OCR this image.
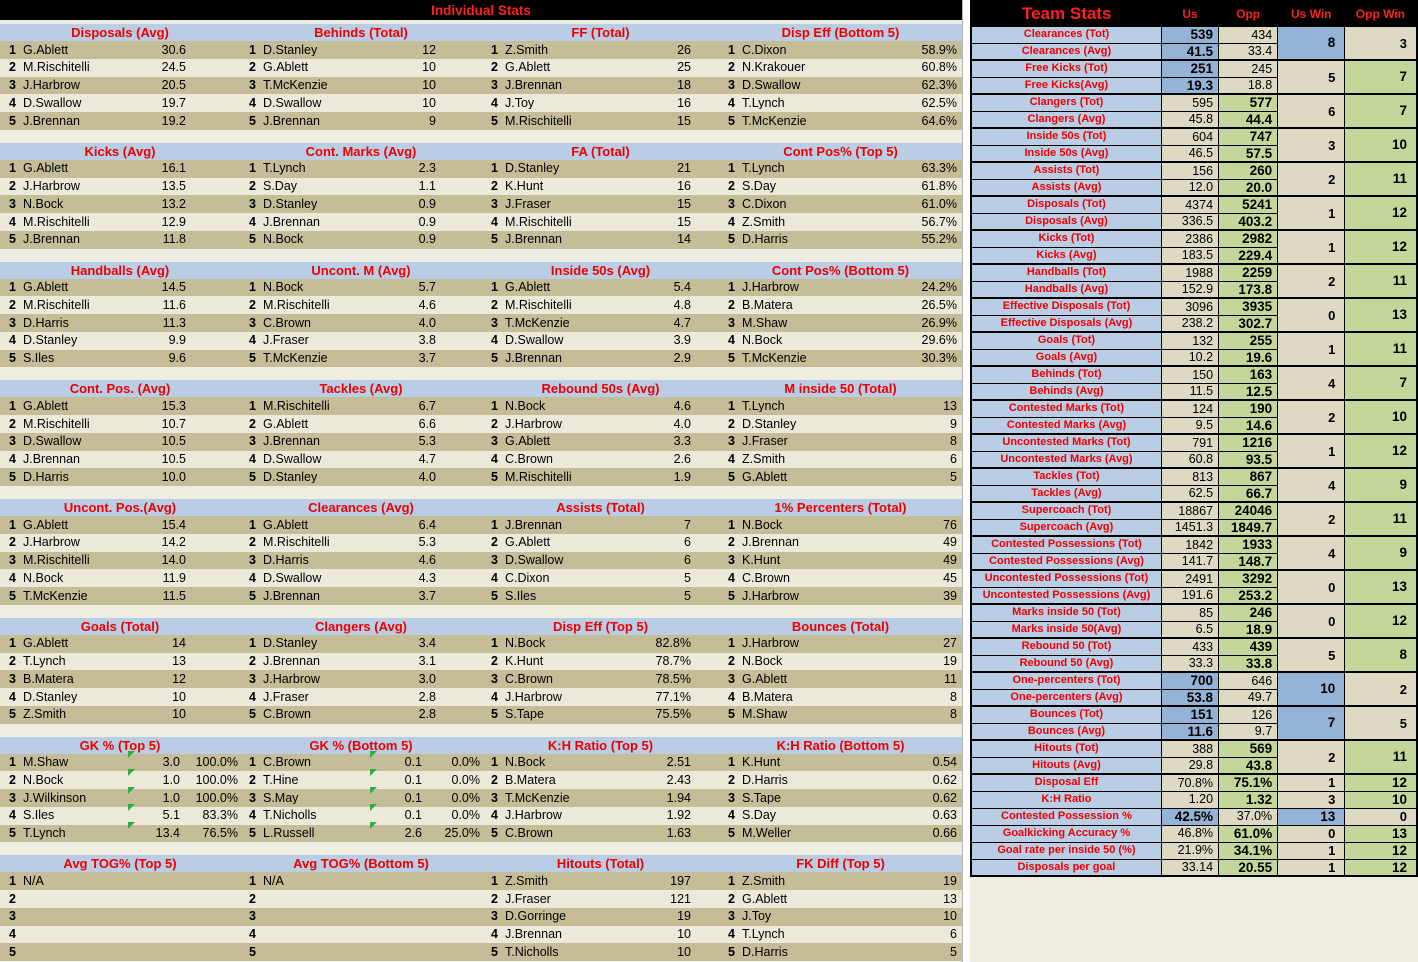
Individual Stats
Disposals (Avg)	Behinds (Total)	FF (Total)	Disp Eff (Bottom 5)
1 G.Ablett	30.6	1 D.Stanley	12	1 Z.Smith	26	1 C.Dixon	58.9%
2 M.Rischitelli	24.5	2 G.Ablett	10	2 G.Ablett	25	2 N.Krakouer	60.8%
3 J.Harbrow	20.5	3 T.McKenzie	10	3 J.Brennan	18	3 D.Swallow	62.3%
4 D.Swallow	19.7	4 D.Swallow	10	4 J.Toy	16	4 T.Lynch	62.5%
5 J.Brennan	19.2	5 J.Brennan	9	5 M.Rischitelli	15	5 T.McKenzie	64.6%
Kicks (Avg)	Cont. Marks (Avg)	FA (Total)	Cont Pos% (Top 5)
1 G.Ablett	16.1	1 T.Lynch	2.3	1 D.Stanley	21	1 T.Lynch	63.3%
2 J.Harbrow	13.5	2 S.Day	1.1	2 K.Hunt	16	2 S.Day	61.8%
3 N.Bock	13.2	3 D.Stanley	0.9	3 J.Fraser	15	3 C.Dixon	61.0%
4 M.Rischitelli	12.9	4 J.Brennan	0.9	4 M.Rischitelli	15	4 Z.Smith	56.7%
5 J.Brennan	11.8	5 N.Bock	0.9	5 J.Brennan	14	5 D.Harris	55.2%
Handballs (Avg)	Uncont. M (Avg)	Inside 50s (Avg)	Cont Pos% (Bottom 5)
1 G.Ablett	14.5	1 N.Bock	5.7	1 G.Ablett	5.4	1 J.Harbrow	24.2%
2 M.Rischitelli	11.6	2 M.Rischitelli	4.6	2 M.Rischitelli	4.8	2 B.Matera	26.5%
3 D.Harris	11.3	3 C.Brown	4.0	3 T.McKenzie	4.7	3 M.Shaw	26.9%
4 D.Stanley	9.9	4 J.Fraser	3.8	4 D.Swallow	3.9	4 N.Bock	29.6%
5 S.Iles	9.6	5 T.McKenzie	3.7	5 J.Brennan	2.9	5 T.McKenzie	30.3%
Cont. Pos. (Avg)	Tackles (Avg)	Rebound 50s (Avg)	M inside 50 (Total)
1 G.Ablett	15.3	1 M.Rischitelli	6.7	1 N.Bock	4.6	1 T.Lynch	13
2 M.Rischitelli	10.7	2 G.Ablett	6.6	2 J.Harbrow	4.0	2 D.Stanley	9
3 D.Swallow	10.5	3 J.Brennan	5.3	3 G.Ablett	3.3	3 J.Fraser	8
4 J.Brennan	10.5	4 D.Swallow	4.7	4 C.Brown	2.6	4 Z.Smith	6
5 D.Harris	10.0	5 D.Stanley	4.0	5 M.Rischitelli	1.9	5 G.Ablett	5
Uncont. Pos.(Avg)	Clearances (Avg)	Assists (Total)	1% Percenters (Total)
1 G.Ablett	15.4	1 G.Ablett	6.4	1 J.Brennan	7	1 N.Bock	76
2 J.Harbrow	14.2	2 M.Rischitelli	5.3	2 G.Ablett	6	2 J.Brennan	49
3 M.Rischitelli	14.0	3 D.Harris	4.6	3 D.Swallow	6	3 K.Hunt	49
4 N.Bock	11.9	4 D.Swallow	4.3	4 C.Dixon	5	4 C.Brown	45
5 T.McKenzie	11.5	5 J.Brennan	3.7	5 S.Iles	5	5 J.Harbrow	39
Goals (Total)	Clangers (Avg)	Disp Eff (Top 5)	Bounces (Total)
1 G.Ablett	14	1 D.Stanley	3.4	1 N.Bock	82.8%	1 J.Harbrow	27
2 T.Lynch	13	2 J.Brennan	3.1	2 K.Hunt	78.7%	2 N.Bock	19
3 B.Matera	12	3 J.Harbrow	3.0	3 C.Brown	78.5%	3 G.Ablett	11
4 D.Stanley	10	4 J.Fraser	2.8	4 J.Harbrow	77.1%	4 B.Matera	8
5 Z.Smith	10	5 C.Brown	2.8	5 S.Tape	75.5%	5 M.Shaw	8
GK % (Top 5)	GK % (Bottom 5)	K:H Ratio (Top 5)	K:H Ratio (Bottom 5)
1 M.Shaw	3.0	100.0% 1 C.Brown	0.1	0.0% 1 N.Bock	2.51	1 K.Hunt	0.54
2 N.Bock	1.0	100.0% 2 T.Hine	0.1	0.0% 2 B.Matera	2.43	2 D.Harris	0.62
3 J.Wilkinson	1.0	100.0% 3 S.May	0.1	0.0% 3 T.McKenzie	1.94	3 S.Tape	0.62
4 S.Iles	5.1	83.3% 4 T.Nicholls	0.1	0.0% 4 J.Harbrow	1.92	4 S.Day	0.63
5 T.Lynch	13.4	76.5% 5 L.Russell	2.6	25.0% 5 C.Brown	1.63	5 M.Weller	0.66
Avg TOG% (Top 5)	Avg TOG% (Bottom 5)	Hitouts (Total)	FK Diff (Top 5)
1 N/A	1 N/A	1 Z.Smith	197	1 Z.Smith	19
2	2	2 J.Fraser	121	2 G.Ablett	13
3	3	3 D.Gorringe	19	3 J.Toy	10
4	4	4 J.Brennan	10	4 T.Lynch	6
5	5	5 T.Nicholls	10	5 D.Harris	5
Team Stats	Us	Opp	Us Win	Opp Win
Clearances (Tot)	539	434	8	3
Clearances (Avg)	41.5	33.4		
Free Kicks (Tot)	251	245	5	7
Free Kicks(Avg)	19.3	18.8		
Clangers (Tot)	595	577	6	7
Clangers (Avg)	45.8	44.4		
Inside 50s (Tot)	604	747	3	10
Inside 50s (Avg)	46.5	57.5		
Assists (Tot)	156	260	2	11
Assists (Avg)	12.0	20.0		
Disposals (Tot)	4374	5241	1	12
Disposals (Avg)	336.5	403.2		
Kicks (Tot)	2386	2982	1	12
Kicks (Avg)	183.5	229.4		
Handballs (Tot)	1988	2259	2	11
Handballs (Avg)	152.9	173.8		
Effective Disposals (Tot)	3096	3935	0	13
Effective Disposals (Avg)	238.2	302.7		
Goals (Tot)	132	255	1	11
Goals (Avg)	10.2	19.6		
Behinds (Tot)	150	163	4	7
Behinds (Avg)	11.5	12.5		
Contested Marks (Tot)	124	190	2	10
Contested Marks (Avg)	9.5	14.6		
Uncontested Marks (Tot)	791	1216	1	12
Uncontested Marks (Avg)	60.8	93.5		
Tackles (Tot)	813	867	4	9
Tackles (Avg)	62.5	66.7		
Supercoach (Tot)	18867	24046	2	11
Supercoach (Avg)	1451.3	1849.7		
Contested Possessions (Tot)	1842	1933	4	9
Contested Possessions (Avg)	141.7	148.7		
Uncontested Possessions (Tot)	2491	3292	0	13
Uncontested Possessions (Avg)	191.6	253.2		
Marks inside 50 (Tot)	85	246	0	12
Marks inside 50(Avg)	6.5	18.9		
Rebound 50 (Tot)	433	439	5	8
Rebound 50 (Avg)	33.3	33.8		
One-percenters (Tot)	700	646	10	2
One-percenters (Avg)	53.8	49.7		
Bounces (Tot)	151	126	7	5
Bounces (Avg)	11.6	9.7		
Hitouts (Tot)	388	569	2	11
Hitouts (Avg)	29.8	43.8		
Disposal Eff	70.8%	75.1%	1	12
K:H Ratio	1.20	1.32	3	10
Contested Possession %	42.5%	37.0%	13	0
Goalkicking Accuracy %	46.8%	61.0%	0	13
Goal rate per inside 50 (%)	21.9%	34.1%	1	12
Disposals per goal	33.14	20.55	1	12
